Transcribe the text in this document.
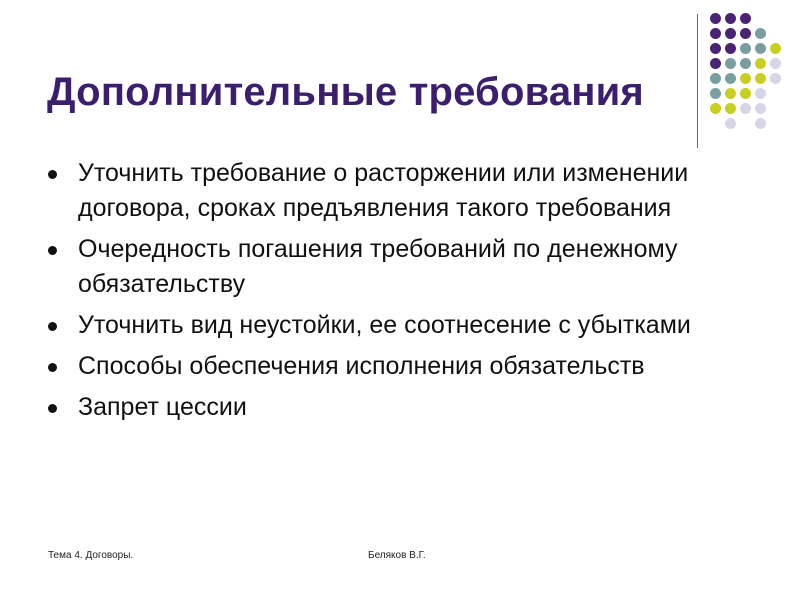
Дополнительные требования
Уточнить требование о расторжении или изменении договора, сроках предъявления такого требования
Очередность погашения требований по денежному обязательству
Уточнить вид неустойки, ее соотнесение с убытками
Способы обеспечения исполнения обязательств
Запрет цессии
Тема 4. Договоры.	Беляков В.Г.
